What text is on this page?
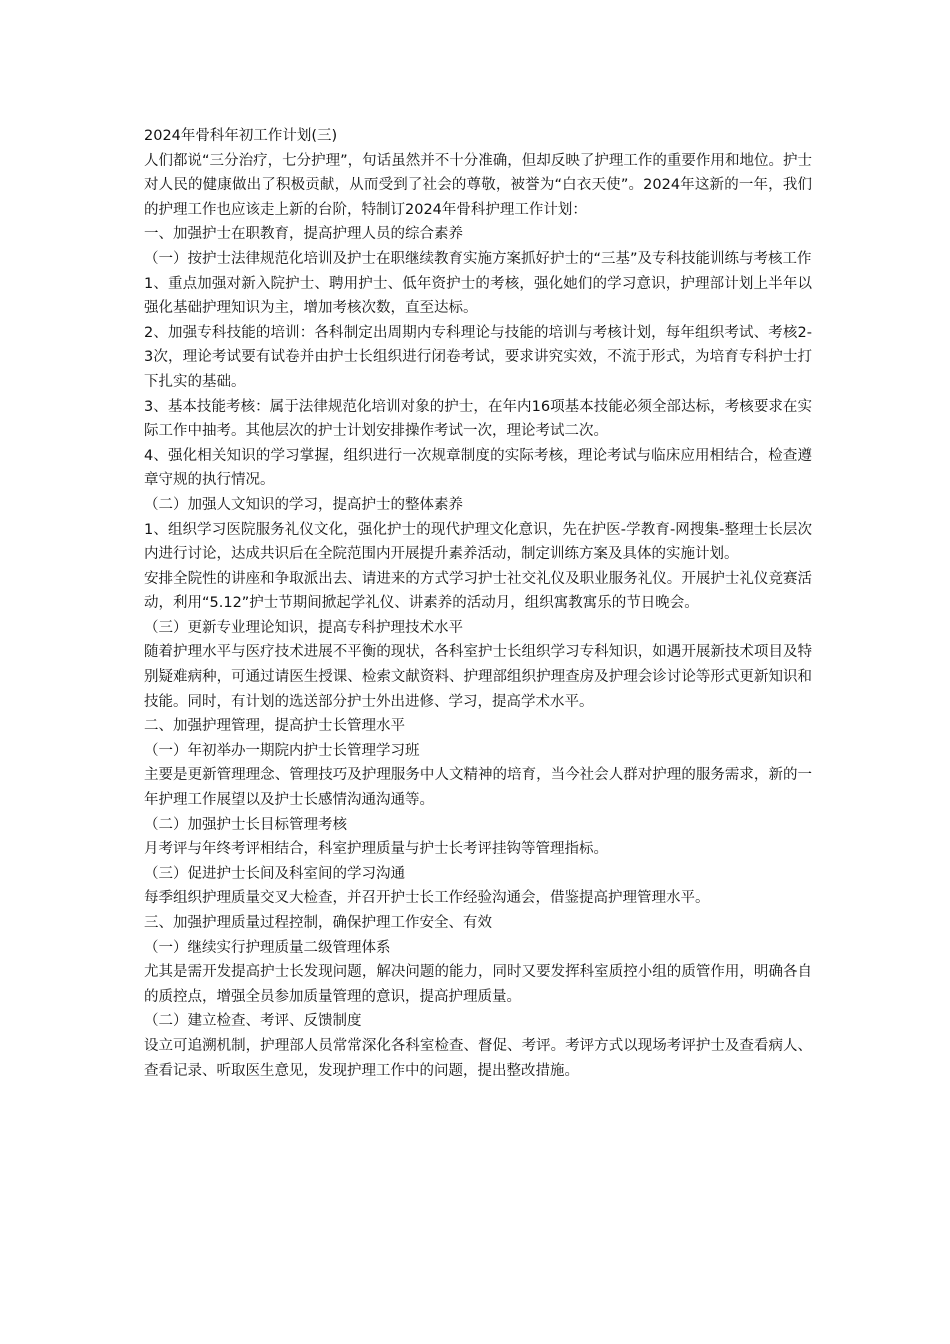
2024年骨科年初工作计划(三)

人们都说“三分治疗，七分护理”，句话虽然并不十分准确，但却反映了护理工作的重要作用和地位。护士对人民的健康做出了积极贡献，从而受到了社会的尊敬，被誉为“白衣天使”。2024年这新的一年，我们的护理工作也应该走上新的台阶，特制订2024年骨科护理工作计划：

一、加强护士在职教育，提高护理人员的综合素养

（一）按护士法律规范化培训及护士在职继续教育实施方案抓好护士的“三基”及专科技能训练与考核工作

1、重点加强对新入院护士、聘用护士、低年资护士的考核，强化她们的学习意识，护理部计划上半年以强化基础护理知识为主，增加考核次数，直至达标。

2、加强专科技能的培训：各科制定出周期内专科理论与技能的培训与考核计划，每年组织考试、考核2-3次，理论考试要有试卷并由护士长组织进行闭卷考试，要求讲究实效，不流于形式，为培育专科护士打下扎实的基础。

3、基本技能考核：属于法律规范化培训对象的护士，在年内16项基本技能必须全部达标，考核要求在实际工作中抽考。其他层次的护士计划安排操作考试一次，理论考试二次。

4、强化相关知识的学习掌握，组织进行一次规章制度的实际考核，理论考试与临床应用相结合，检查遵章守规的执行情况。

（二）加强人文知识的学习，提高护士的整体素养

1、组织学习医院服务礼仪文化，强化护士的现代护理文化意识，先在护医-学教育-网搜集-整理士长层次内进行讨论，达成共识后在全院范围内开展提升素养活动，制定训练方案及具体的实施计划。

安排全院性的讲座和争取派出去、请进来的方式学习护士社交礼仪及职业服务礼仪。开展护士礼仪竞赛活动，利用“5.12”护士节期间掀起学礼仪、讲素养的活动月，组织寓教寓乐的节日晚会。

（三）更新专业理论知识，提高专科护理技术水平

随着护理水平与医疗技术进展不平衡的现状，各科室护士长组织学习专科知识，如遇开展新技术项目及特别疑难病种，可通过请医生授课、检索文献资料、护理部组织护理查房及护理会诊讨论等形式更新知识和技能。同时，有计划的选送部分护士外出进修、学习，提高学术水平。

二、加强护理管理，提高护士长管理水平

（一）年初举办一期院内护士长管理学习班

主要是更新管理理念、管理技巧及护理服务中人文精神的培育，当今社会人群对护理的服务需求，新的一年护理工作展望以及护士长感情沟通沟通等。

（二）加强护士长目标管理考核

月考评与年终考评相结合，科室护理质量与护士长考评挂钩等管理指标。

（三）促进护士长间及科室间的学习沟通

每季组织护理质量交叉大检查，并召开护士长工作经验沟通会，借鉴提高护理管理水平。

三、加强护理质量过程控制，确保护理工作安全、有效

（一）继续实行护理质量二级管理体系

尤其是需开发提高护士长发现问题，解决问题的能力，同时又要发挥科室质控小组的质管作用，明确各自的质控点，增强全员参加质量管理的意识，提高护理质量。

（二）建立检查、考评、反馈制度

设立可追溯机制，护理部人员常常深化各科室检查、督促、考评。考评方式以现场考评护士及查看病人、查看记录、听取医生意见，发现护理工作中的问题，提出整改措施。
